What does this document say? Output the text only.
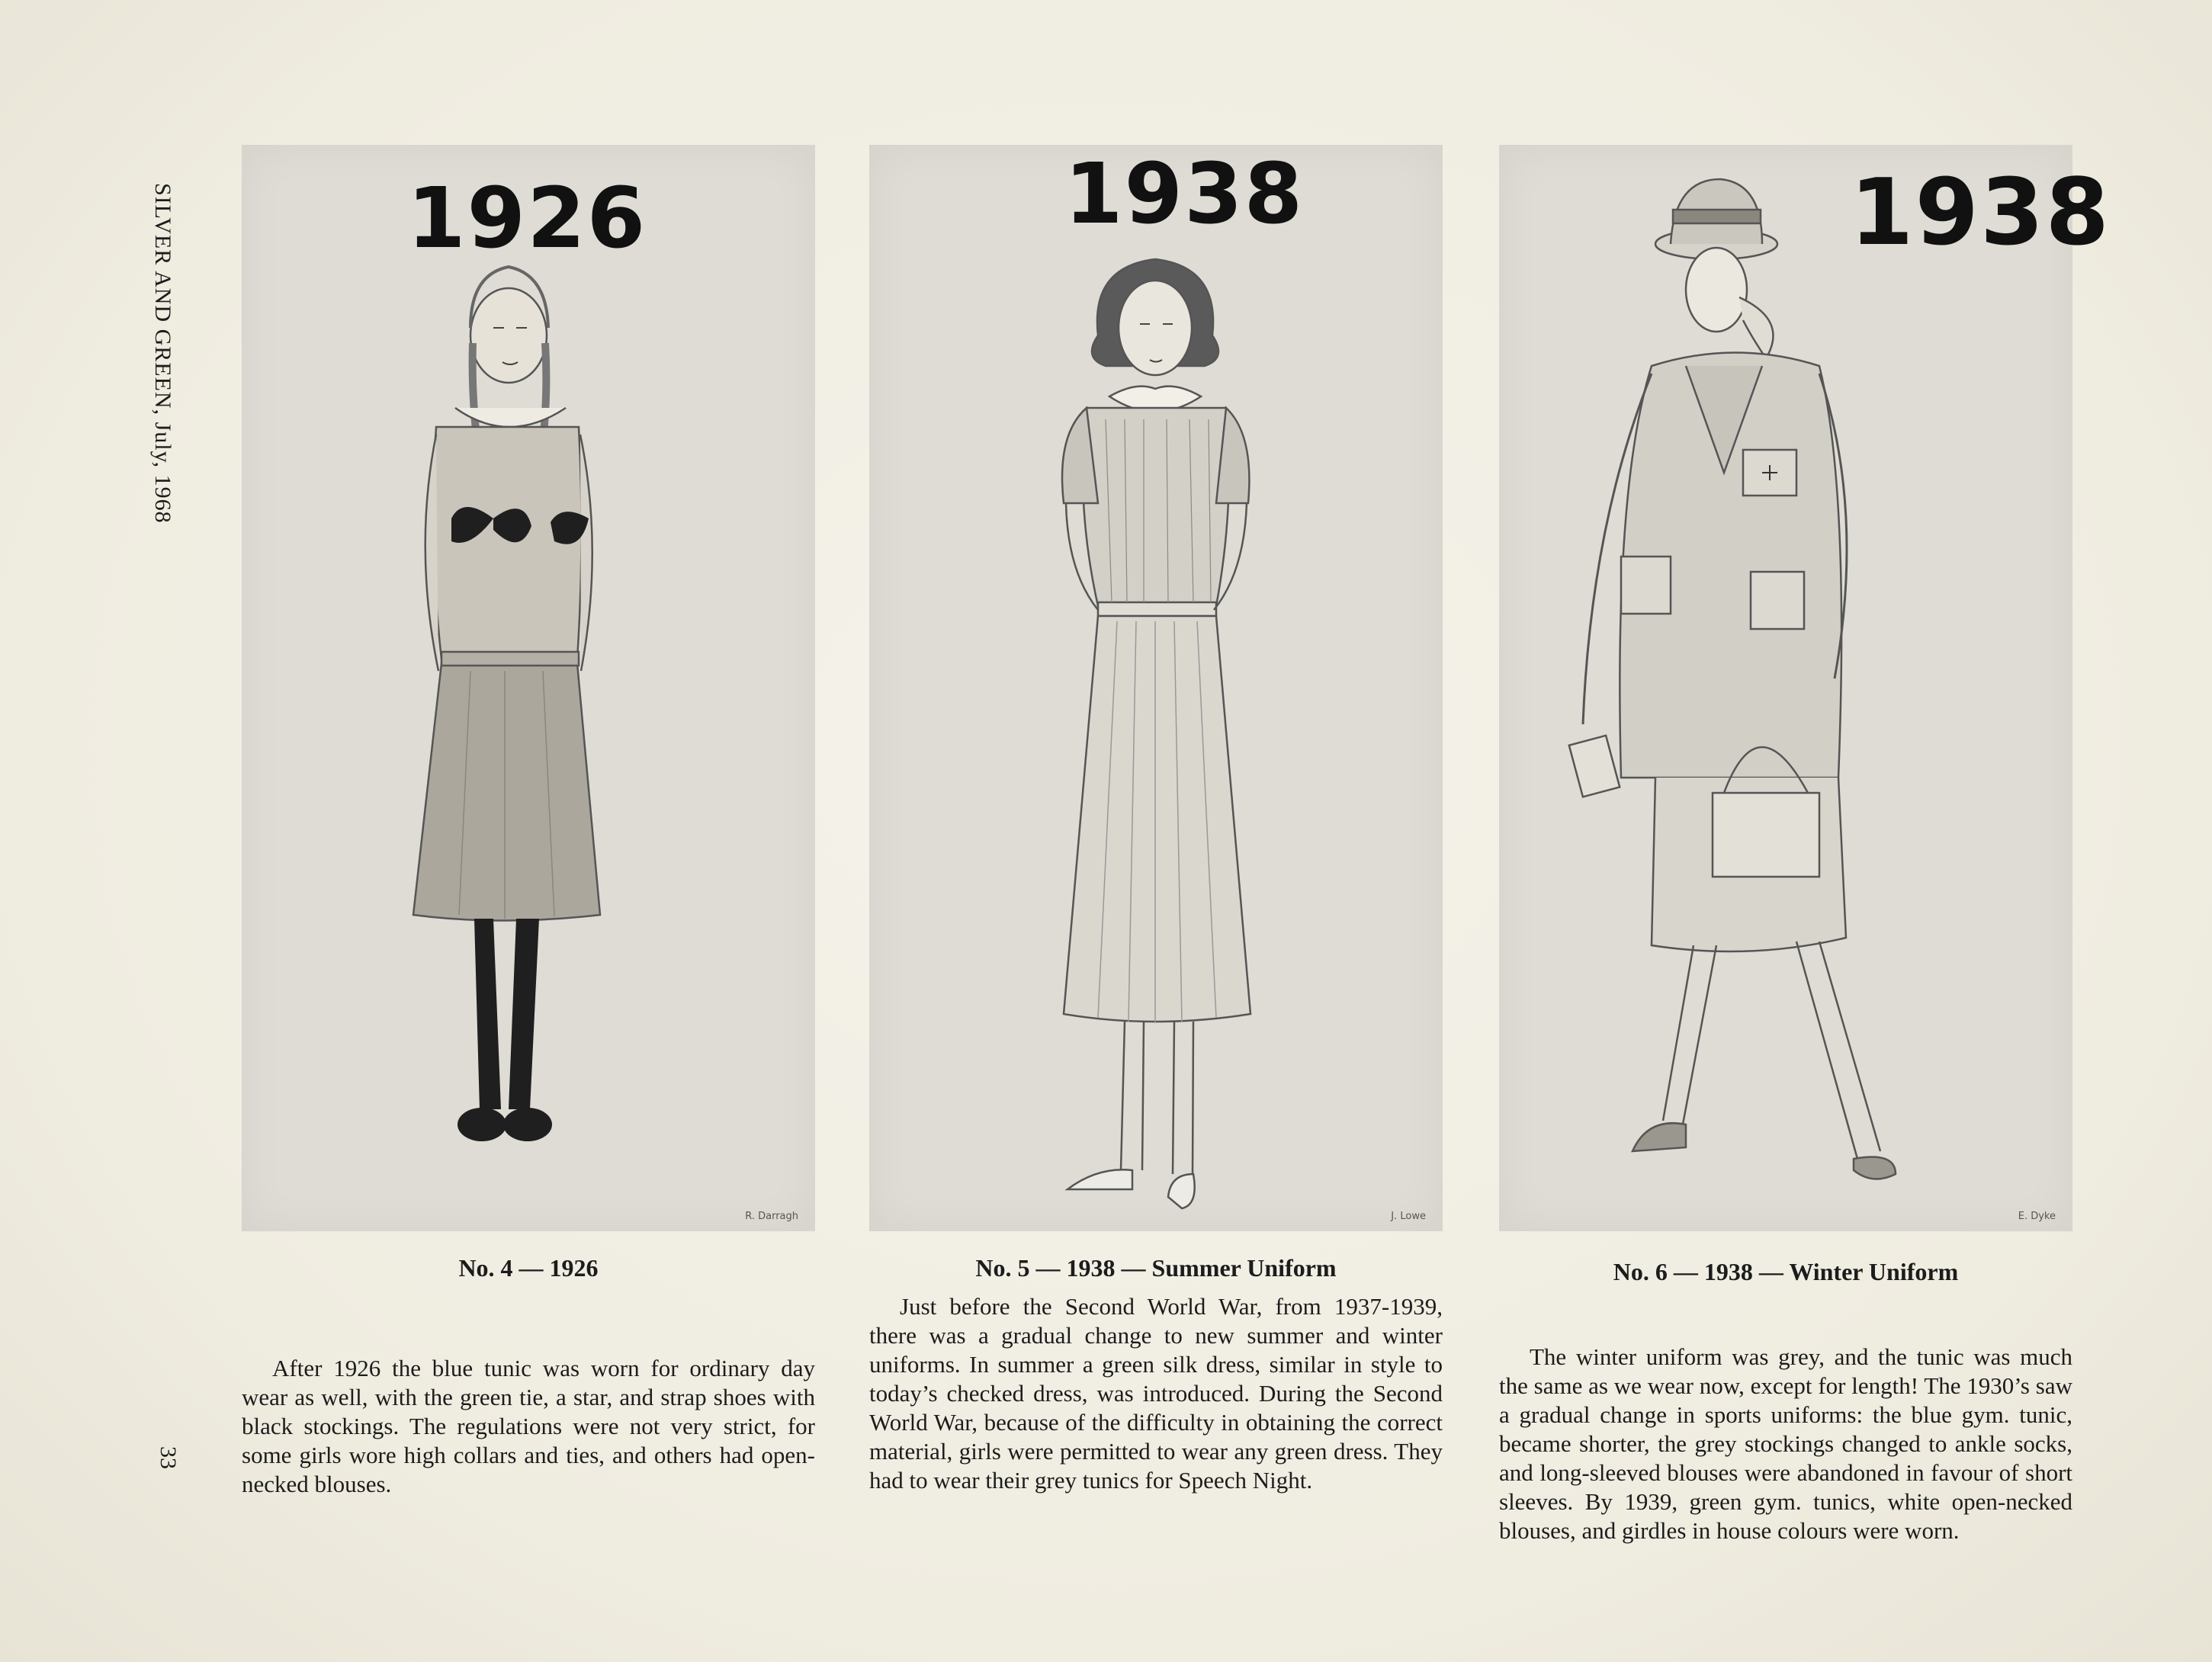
SILVER AND GREEN, July, 1968
33
1926
R. Darragh
1938
J. Lowe
1938
E. Dyke
No. 4 — 1926	No. 5 — 1938 — Summer Uniform	No. 6 — 1938 — Winter Uniform

After 1926 the blue tunic was worn for ordinary day wear as well, with the green tie, a star, and strap shoes with black stockings. The regulations were not very strict, for some girls wore high collars and ties, and others had open-necked blouses.

Just before the Second World War, from 1937-1939, there was a gradual change to new summer and winter uniforms. In summer a green silk dress, similar in style to today’s checked dress, was introduced. During the Second World War, because of the difficulty in obtaining the correct material, girls were permitted to wear any green dress. They had to wear their grey tunics for Speech Night.

The winter uniform was grey, and the tunic was much the same as we wear now, except for length! The 1930’s saw a gradual change in sports uniforms: the blue gym. tunic, became shorter, the grey stockings changed to ankle socks, and long-sleeved blouses were abandoned in favour of short sleeves. By 1939, green gym. tunics, white open-necked blouses, and girdles in house colours were worn.
